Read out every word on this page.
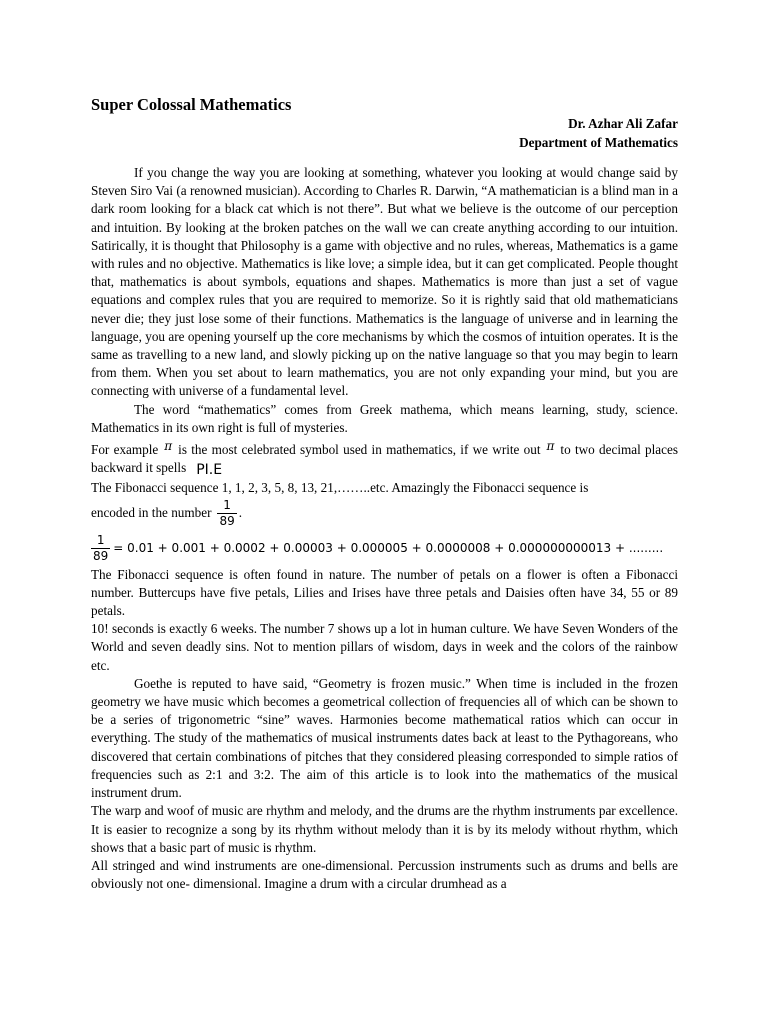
Super Colossal Mathematics
Dr. Azhar Ali Zafar
Department of Mathematics

If you change the way you are looking at something, whatever you looking at would change said by Steven Siro Vai (a renowned musician). According to Charles R. Darwin, “A mathematician is a blind man in a dark room looking for a black cat which is not there”. But what we believe is the outcome of our perception and intuition. By looking at the broken patches on the wall we can create anything according to our intuition. Satirically, it is thought that Philosophy is a game with objective and no rules, whereas, Mathematics is a game with rules and no objective. Mathematics is like love; a simple idea, but it can get complicated. People thought that, mathematics is about symbols, equations and shapes. Mathematics is more than just a set of vague equations and complex rules that you are required to memorize. So it is rightly said that old mathematicians never die; they just lose some of their functions. Mathematics is the language of universe and in learning the language, you are opening yourself up the core mechanisms by which the cosmos of intuition operates. It is the same as travelling to a new land, and slowly picking up on the native language so that you may begin to learn from them. When you set about to learn mathematics, you are not only expanding your mind, but you are connecting with universe of a fundamental level.

The word “mathematics” comes from Greek mathema, which means learning, study, science. Mathematics in its own right is full of mysteries.

For example π is the most celebrated symbol used in mathematics, if we write out π to two decimal places backward it spells PI.E

The Fibonacci sequence 1, 1, 2, 3, 5, 8, 13, 21,……..etc. Amazingly the Fibonacci sequence is

encoded in the number $\frac{1}{89}$ .
$\frac{1}{89} = 0.01 + 0.001 + 0.0002 + 0.00003 + 0.000005 + 0.0000008 + 0.000000000013$ + .........

The Fibonacci sequence is often found in nature. The number of petals on a flower is often a Fibonacci number. Buttercups have five petals, Lilies and Irises have three petals and Daisies often have 34, 55 or 89 petals.

10! seconds is exactly 6 weeks. The number 7 shows up a lot in human culture. We have Seven Wonders of the World and seven deadly sins. Not to mention pillars of wisdom, days in week and the colors of the rainbow etc.

Goethe is reputed to have said, “Geometry is frozen music.” When time is included in the frozen geometry we have music which becomes a geometrical collection of frequencies all of which can be shown to be a series of trigonometric “sine” waves. Harmonies become mathematical ratios which can occur in everything. The study of the mathematics of musical instruments dates back at least to the Pythagoreans, who discovered that certain combinations of pitches that they considered pleasing corresponded to simple ratios of frequencies such as 2:1 and 3:2. The aim of this article is to look into the mathematics of the musical instrument drum.

The warp and woof of music are rhythm and melody, and the drums are the rhythm instruments par excellence. It is easier to recognize a song by its rhythm without melody than it is by its melody without rhythm, which shows that a basic part of music is rhythm.

All stringed and wind instruments are one-dimensional. Percussion instruments such as drums and bells are obviously not one- dimensional. Imagine a drum with a circular drumhead as a
